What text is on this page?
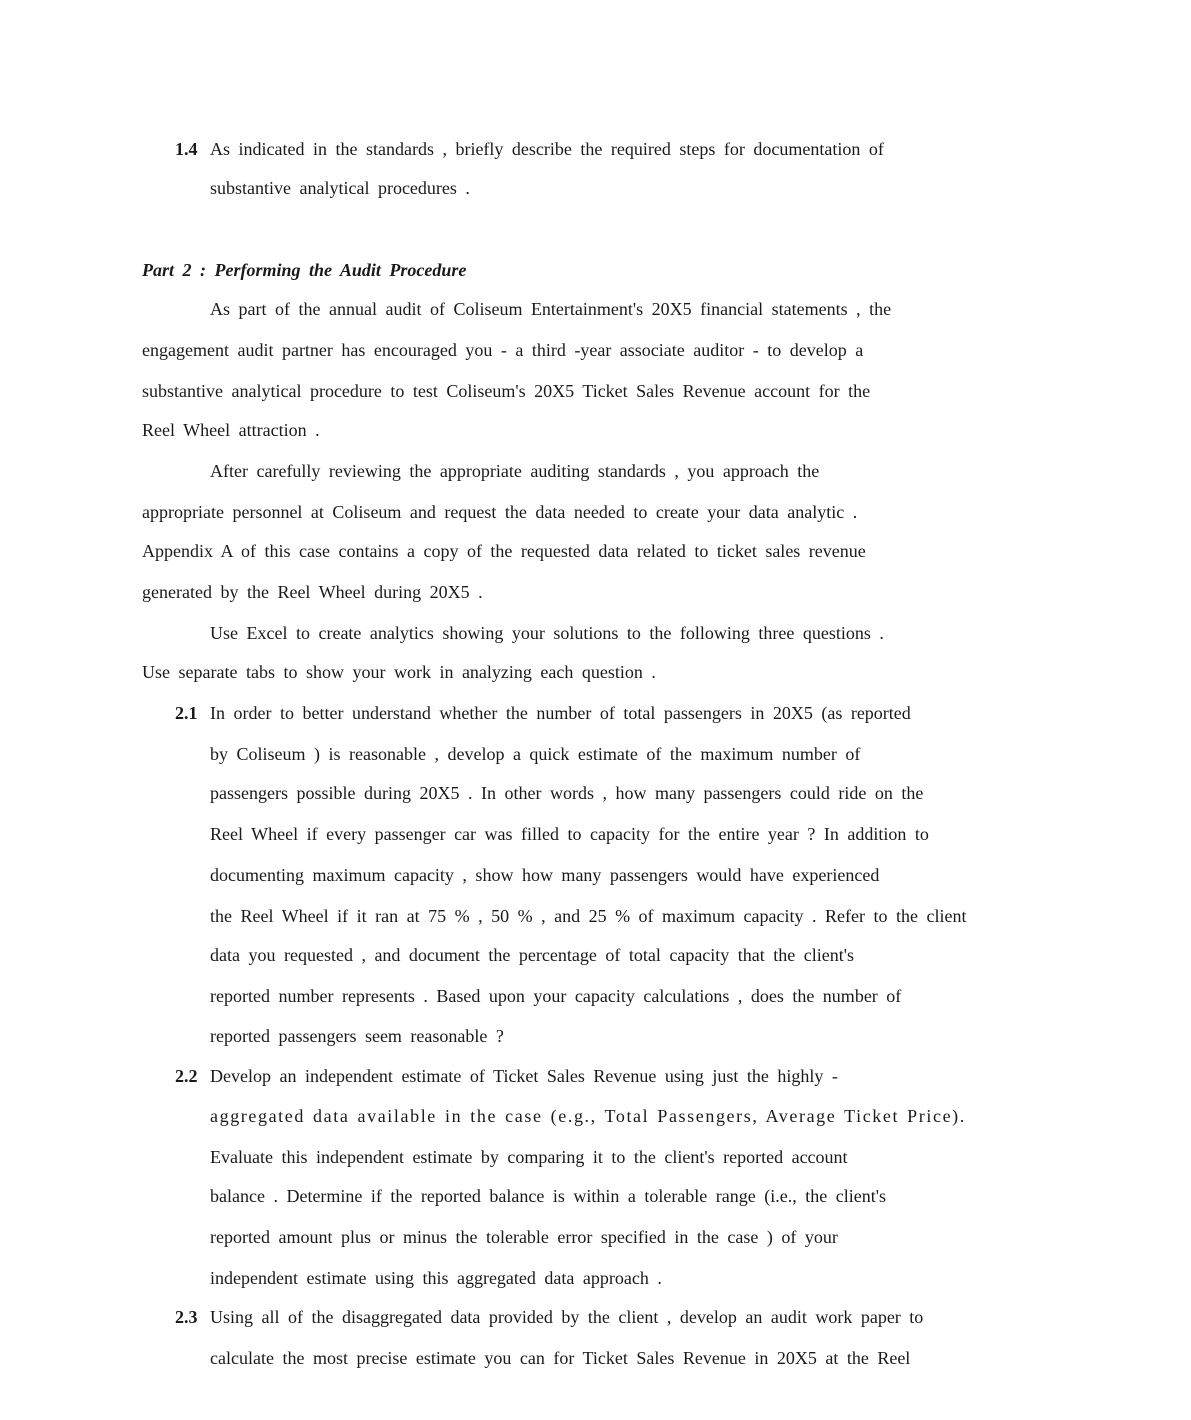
1.4 As indicated in the standards , briefly describe the required steps for documentation of
substantive analytical procedures .
Part 2 : Performing the Audit Procedure
As part of the annual audit of Coliseum Entertainment's 20X5 financial statements , the
engagement audit partner has encouraged you - a third -year associate auditor - to develop a
substantive analytical procedure to test Coliseum's 20X5 Ticket Sales Revenue account for the
Reel Wheel attraction .
After carefully reviewing the appropriate auditing standards , you approach the
appropriate personnel at Coliseum and request the data needed to create your data analytic .
Appendix A of this case contains a copy of the requested data related to ticket sales revenue
generated by the Reel Wheel during 20X5 .
Use Excel to create analytics showing your solutions to the following three questions .
Use separate tabs to show your work in analyzing each question .
2.1 In order to better understand whether the number of total passengers in 20X5 (as reported
by Coliseum ) is reasonable , develop a quick estimate of the maximum number of
passengers possible during 20X5 . In other words , how many passengers could ride on the
Reel Wheel if every passenger car was filled to capacity for the entire year ? In addition to
documenting maximum capacity , show how many passengers would have experienced
the Reel Wheel if it ran at 75 % , 50 % , and 25 % of maximum capacity . Refer to the client
data you requested , and document the percentage of total capacity that the client's
reported number represents . Based upon your capacity calculations , does the number of
reported passengers seem reasonable ?
2.2 Develop an independent estimate of Ticket Sales Revenue using just the highly -
aggregated data available in the case (e.g., Total Passengers, Average Ticket Price).
Evaluate this independent estimate by comparing it to the client's reported account
balance . Determine if the reported balance is within a tolerable range (i.e., the client's
reported amount plus or minus the tolerable error specified in the case ) of your
independent estimate using this aggregated data approach .
2.3 Using all of the disaggregated data provided by the client , develop an audit work paper to
calculate the most precise estimate you can for Ticket Sales Revenue in 20X5 at the Reel
